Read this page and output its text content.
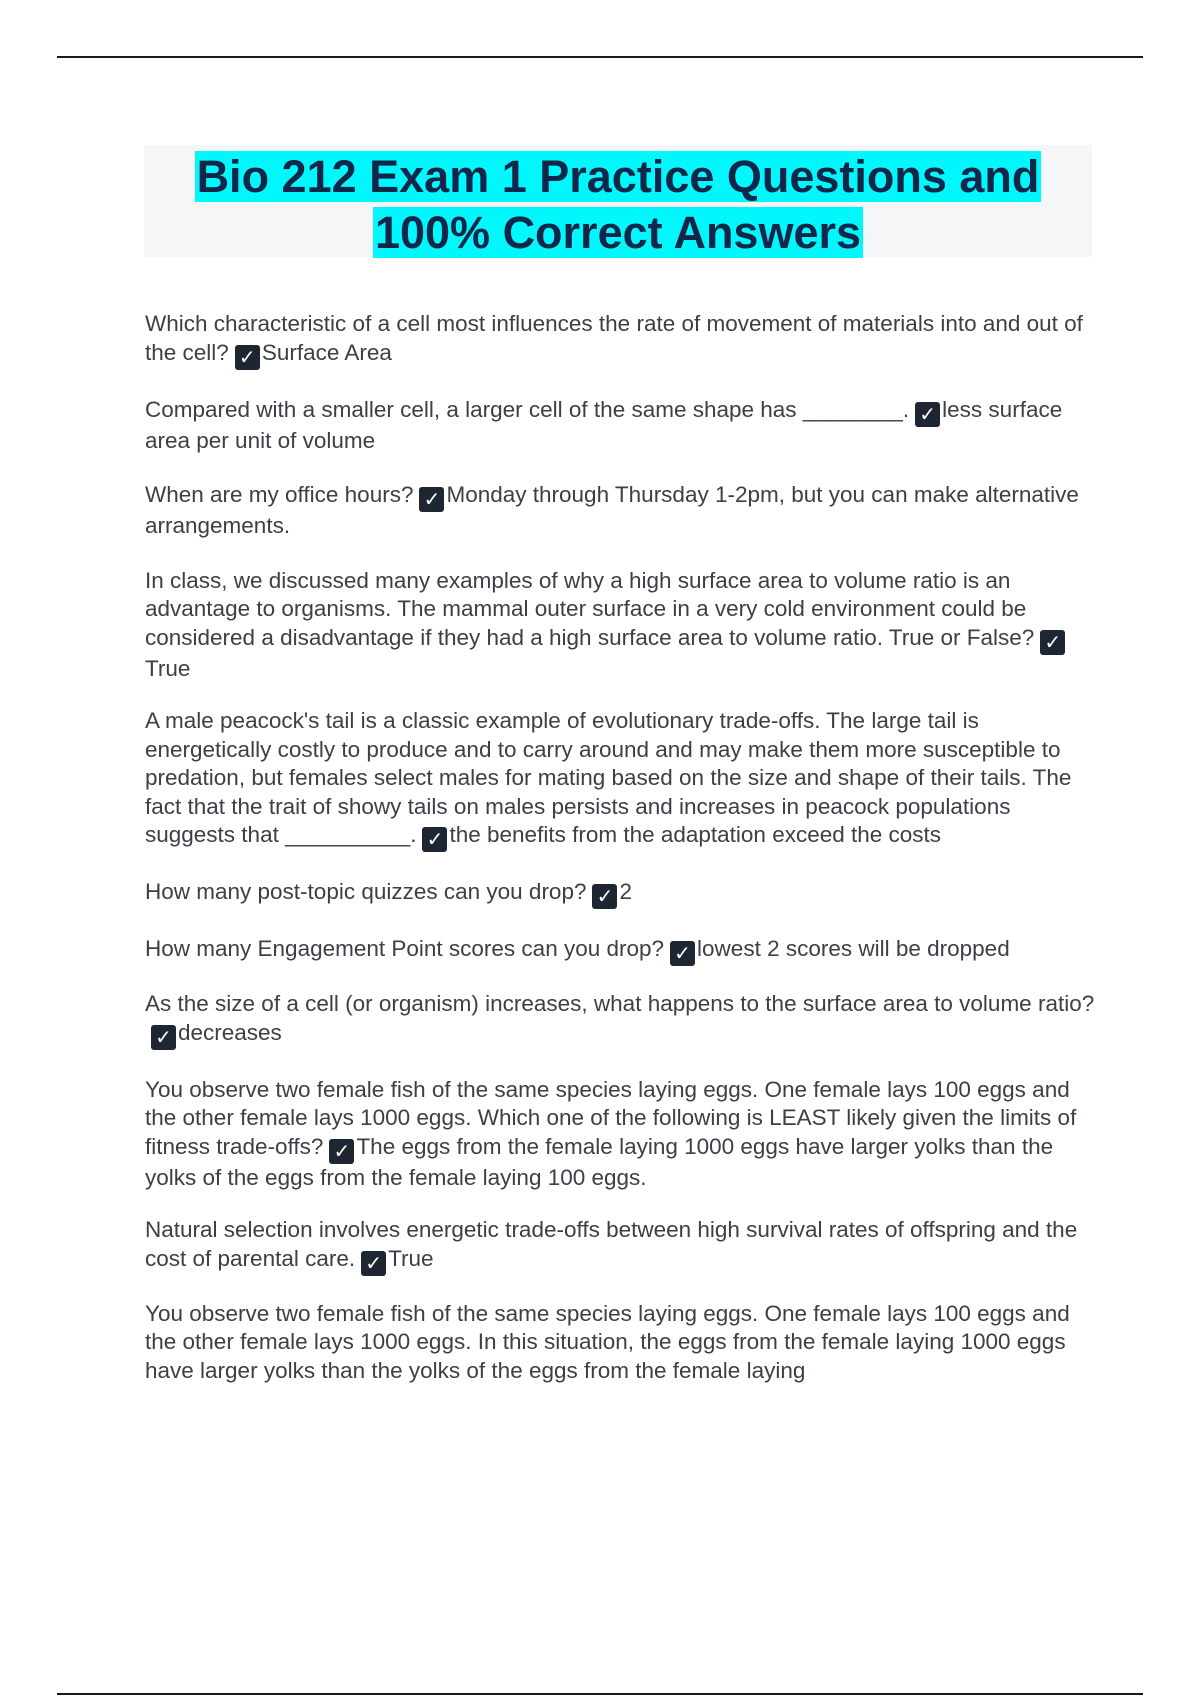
Bio 212 Exam 1 Practice Questions and
100% Correct Answers

Which characteristic of a cell most influences the rate of movement of materials into and out of the cell? ✓ Surface Area

Compared with a smaller cell, a larger cell of the same shape has ________. ✓ less surface area per unit of volume

When are my office hours? ✓ Monday through Thursday 1-2pm, but you can make alternative arrangements.

In class, we discussed many examples of why a high surface area to volume ratio is an advantage to organisms. The mammal outer surface in a very cold environment could be considered a disadvantage if they had a high surface area to volume ratio. True or False? ✓True

A male peacock's tail is a classic example of evolutionary trade-offs. The large tail is energetically costly to produce and to carry around and may make them more susceptible to predation, but females select males for mating based on the size and shape of their tails. The fact that the trait of showy tails on males persists and increases in peacock populations suggests that __________. ✓ the benefits from the adaptation exceed the costs

How many post-topic quizzes can you drop? ✓ 2

How many Engagement Point scores can you drop? ✓ lowest 2 scores will be dropped

As the size of a cell (or organism) increases, what happens to the surface area to volume ratio?✓ decreases

You observe two female fish of the same species laying eggs. One female lays 100 eggs and the other female lays 1000 eggs. Which one of the following is LEAST likely given the limits of fitness trade-offs? ✓ The eggs from the female laying 1000 eggs have larger yolks than the yolks of the eggs from the female laying 100 eggs.

Natural selection involves energetic trade-offs between high survival rates of offspring and the cost of parental care. ✓ True

You observe two female fish of the same species laying eggs. One female lays 100 eggs and the other female lays 1000 eggs. In this situation, the eggs from the female laying 1000 eggs have larger yolks than the yolks of the eggs from the female laying
